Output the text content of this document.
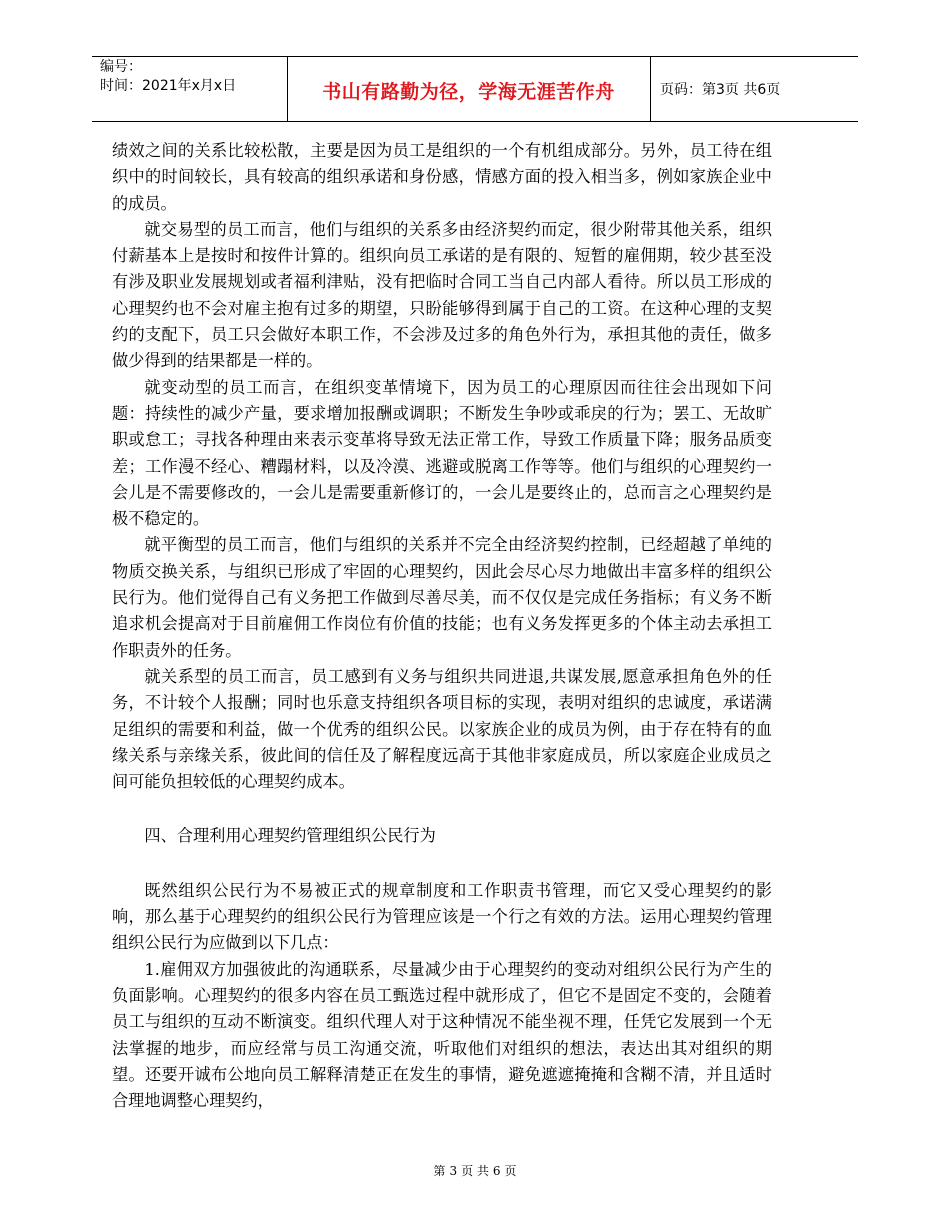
编号：
时间：2021年x月x日	书山有路勤为径，学海无涯苦作舟	页码：第3页 共6页

绩效之间的关系比较松散，主要是因为员工是组织的一个有机组成部分。另外，员工待在组织中的时间较长，具有较高的组织承诺和身份感，情感方面的投入相当多，例如家族企业中的成员。

就交易型的员工而言，他们与组织的关系多由经济契约而定，很少附带其他关系，组织付薪基本上是按时和按件计算的。组织向员工承诺的是有限的、短暂的雇佣期，较少甚至没有涉及职业发展规划或者福利津贴，没有把临时合同工当自己内部人看待。所以员工形成的心理契约也不会对雇主抱有过多的期望，只盼能够得到属于自己的工资。在这种心理的支契约的支配下，员工只会做好本职工作，不会涉及过多的角色外行为，承担其他的责任，做多做少得到的结果都是一样的。

就变动型的员工而言，在组织变革情境下，因为员工的心理原因而往往会出现如下问题：持续性的减少产量，要求增加报酬或调职；不断发生争吵或乖戾的行为；罢工、无故旷职或怠工；寻找各种理由来表示变革将导致无法正常工作，导致工作质量下降；服务品质变差；工作漫不经心、糟蹋材料，以及冷漠、逃避或脱离工作等等。他们与组织的心理契约一会儿是不需要修改的，一会儿是需要重新修订的，一会儿是要终止的，总而言之心理契约是极不稳定的。

就平衡型的员工而言，他们与组织的关系并不完全由经济契约控制，已经超越了单纯的物质交换关系，与组织已形成了牢固的心理契约，因此会尽心尽力地做出丰富多样的组织公民行为。他们觉得自己有义务把工作做到尽善尽美，而不仅仅是完成任务指标；有义务不断追求机会提高对于目前雇佣工作岗位有价值的技能；也有义务发挥更多的个体主动去承担工作职责外的任务。

就关系型的员工而言，员工感到有义务与组织共同进退,共谋发展,愿意承担角色外的任务，不计较个人报酬；同时也乐意支持组织各项目标的实现，表明对组织的忠诚度，承诺满足组织的需要和利益，做一个优秀的组织公民。以家族企业的成员为例，由于存在特有的血缘关系与亲缘关系，彼此间的信任及了解程度远高于其他非家庭成员，所以家庭企业成员之间可能负担较低的心理契约成本。

四、合理利用心理契约管理组织公民行为

既然组织公民行为不易被正式的规章制度和工作职责书管理，而它又受心理契约的影响，那么基于心理契约的组织公民行为管理应该是一个行之有效的方法。运用心理契约管理组织公民行为应做到以下几点：

1.雇佣双方加强彼此的沟通联系，尽量减少由于心理契约的变动对组织公民行为产生的负面影响。心理契约的很多内容在员工甄选过程中就形成了，但它不是固定不变的，会随着员工与组织的互动不断演变。组织代理人对于这种情况不能坐视不理，任凭它发展到一个无法掌握的地步，而应经常与员工沟通交流，听取他们对组织的想法，表达出其对组织的期望。还要开诚布公地向员工解释清楚正在发生的事情，避免遮遮掩掩和含糊不清，并且适时合理地调整心理契约，

第 3 页 共 6 页
